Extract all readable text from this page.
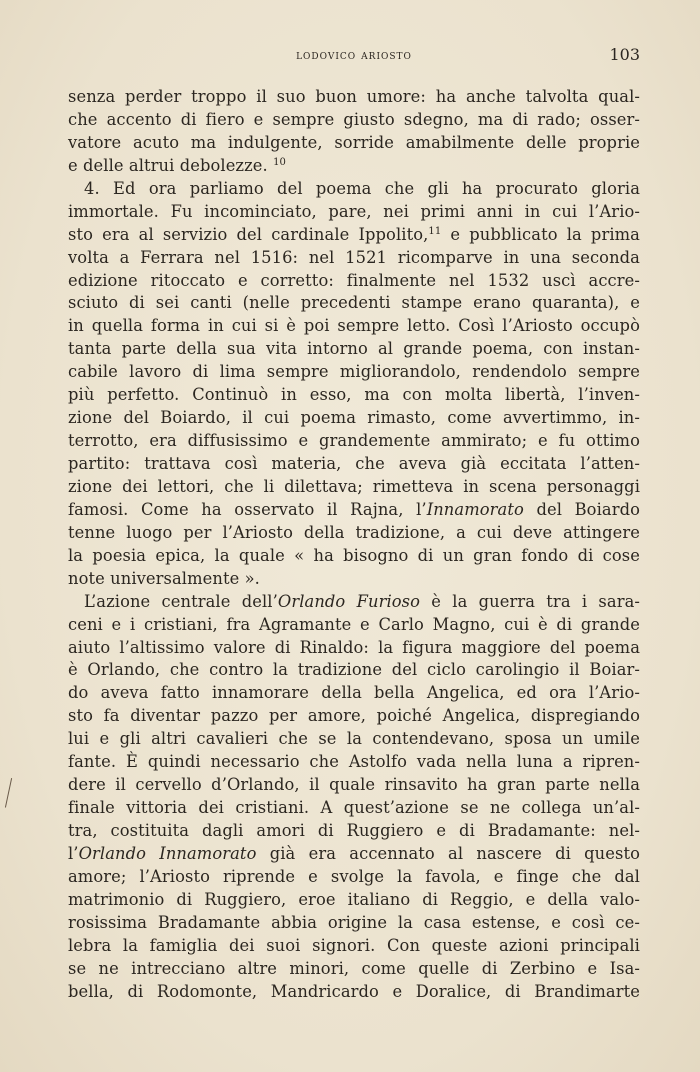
lodovico ariosto	103
senza perder troppo il suo buon umore: ha anche talvolta qual-
che accento di fiero e sempre giusto sdegno, ma di rado; osser-
vatore acuto ma indulgente, sorride amabilmente delle proprie
e delle altrui debolezze. $^{10}$
4. Ed ora parliamo del poema che gli ha procurato gloria
immortale. Fu incominciato, pare, nei primi anni in cui l’Ario-
sto era al servizio del cardinale Ippolito,$^{11}$ e pubblicato la prima
volta a Ferrara nel 1516: nel 1521 ricomparve in una seconda
edizione ritoccato e corretto: finalmente nel 1532 uscì accre-
sciuto di sei canti (nelle precedenti stampe erano quaranta), e
in quella forma in cui si è poi sempre letto. Così l’Ariosto occupò
tanta parte della sua vita intorno al grande poema, con instan-
cabile lavoro di lima sempre migliorandolo, rendendolo sempre
più perfetto. Continuò in esso, ma con molta libertà, l’inven-
zione del Boiardo, il cui poema rimasto, come avvertimmo, in-
terrotto, era diffusissimo e grandemente ammirato; e fu ottimo
partito: trattava così materia, che aveva già eccitata l’atten-
zione dei lettori, che li dilettava; rimetteva in scena personaggi
famosi. Come ha osservato il Rajna, l’Innamorato del Boiardo
tenne luogo per l’Ariosto della tradizione, a cui deve attingere
la poesia epica, la quale « ha bisogno di un gran fondo di cose
note universalmente ».
L’azione centrale dell’Orlando Furioso è la guerra tra i sara-
ceni e i cristiani, fra Agramante e Carlo Magno, cui è di grande
aiuto l’altissimo valore di Rinaldo: la figura maggiore del poema
è Orlando, che contro la tradizione del ciclo carolingio il Boiar-
do aveva fatto innamorare della bella Angelica, ed ora l’Ario-
sto fa diventar pazzo per amore, poiché Angelica, dispregiando
lui e gli altri cavalieri che se la contendevano, sposa un umile
fante. È quindi necessario che Astolfo vada nella luna a ripren-
dere il cervello d’Orlando, il quale rinsavito ha gran parte nella
finale vittoria dei cristiani. A quest’azione se ne collega un’al-
tra, costituita dagli amori di Ruggiero e di Bradamante: nel-
l’Orlando Innamorato già era accennato al nascere di questo
amore; l’Ariosto riprende e svolge la favola, e finge che dal
matrimonio di Ruggiero, eroe italiano di Reggio, e della valo-
rosissima Bradamante abbia origine la casa estense, e così ce-
lebra la famiglia dei suoi signori. Con queste azioni principali
se ne intrecciano altre minori, come quelle di Zerbino e Isa-
bella, di Rodomonte, Mandricardo e Doralice, di Brandimarte
